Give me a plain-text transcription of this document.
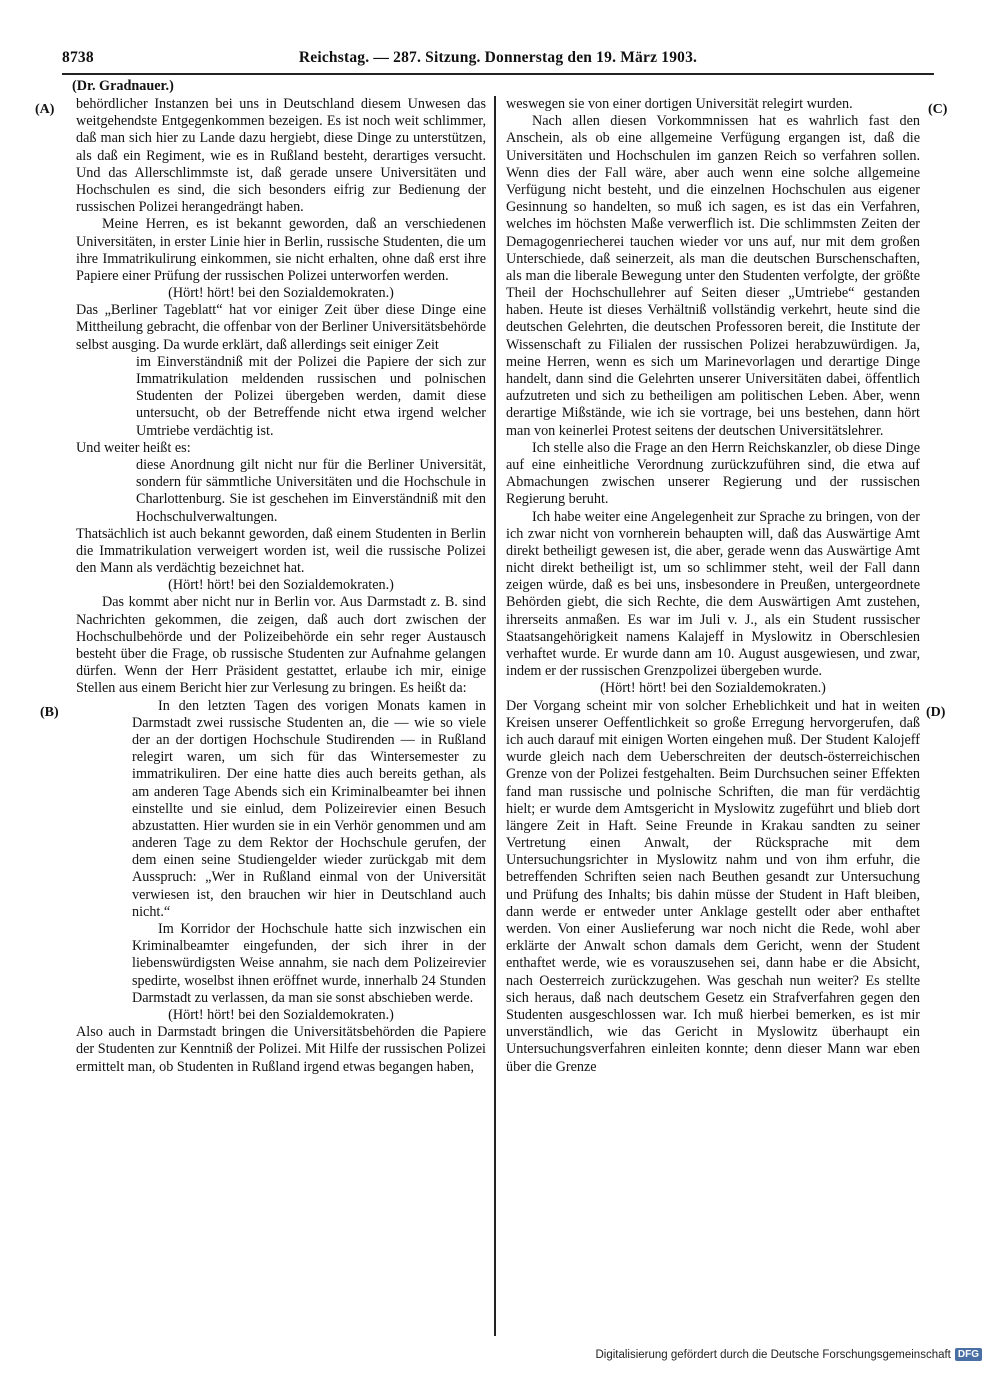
8738	Reichstag. — 287. Sitzung. Donnerstag den 19. März 1903.
(A)
(B)
(C)
(D)
(Dr. Gradnauer.)
behördlicher Instanzen bei uns in Deutschland diesem Unwesen das weitgehendste Entgegenkommen bezeigen. Es ist noch weit schlimmer, daß man sich hier zu Lande dazu hergiebt, diese Dinge zu unterstützen, als daß ein Regiment, wie es in Rußland besteht, derartiges versucht. Und das Allerschlimmste ist, daß gerade unsere Universitäten und Hochschulen es sind, die sich besonders eifrig zur Bedienung der russischen Polizei herangedrängt haben.
Meine Herren, es ist bekannt geworden, daß an verschiedenen Universitäten, in erster Linie hier in Berlin, russische Studenten, die um ihre Immatrikulirung einkommen, sie nicht erhalten, ohne daß erst ihre Papiere einer Prüfung der russischen Polizei unterworfen werden.
(Hört! hört! bei den Sozialdemokraten.)
Das „Berliner Tageblatt“ hat vor einiger Zeit über diese Dinge eine Mittheilung gebracht, die offenbar von der Berliner Universitätsbehörde selbst ausging. Da wurde erklärt, daß allerdings seit einiger Zeit
im Einverständniß mit der Polizei die Papiere der sich zur Immatrikulation meldenden russischen und polnischen Studenten der Polizei übergeben werden, damit diese untersucht, ob der Betreffende nicht etwa irgend welcher Umtriebe verdächtig ist.
Und weiter heißt es:
diese Anordnung gilt nicht nur für die Berliner Universität, sondern für sämmtliche Universitäten und die Hochschule in Charlottenburg. Sie ist geschehen im Einverständniß mit den Hochschulverwaltungen.
Thatsächlich ist auch bekannt geworden, daß einem Studenten in Berlin die Immatrikulation verweigert worden ist, weil die russische Polizei den Mann als verdächtig bezeichnet hat.
(Hört! hört! bei den Sozialdemokraten.)
Das kommt aber nicht nur in Berlin vor. Aus Darmstadt z. B. sind Nachrichten gekommen, die zeigen, daß auch dort zwischen der Hochschulbehörde und der Polizeibehörde ein sehr reger Austausch besteht über die Frage, ob russische Studenten zur Aufnahme gelangen dürfen. Wenn der Herr Präsident gestattet, erlaube ich mir, einige Stellen aus einem Bericht hier zur Verlesung zu bringen. Es heißt da:
In den letzten Tagen des vorigen Monats kamen in Darmstadt zwei russische Studenten an, die — wie so viele der an der dortigen Hochschule Studirenden — in Rußland relegirt waren, um sich für das Wintersemester zu immatrikuliren. Der eine hatte dies auch bereits gethan, als am anderen Tage Abends sich ein Kriminalbeamter bei ihnen einstellte und sie einlud, dem Polizeirevier einen Besuch abzustatten. Hier wurden sie in ein Verhör genommen und am anderen Tage zu dem Rektor der Hochschule gerufen, der dem einen seine Studiengelder wieder zurückgab mit dem Ausspruch: „Wer in Rußland einmal von der Universität verwiesen ist, den brauchen wir hier in Deutschland auch nicht.“
Im Korridor der Hochschule hatte sich inzwischen ein Kriminalbeamter eingefunden, der sich ihrer in der liebenswürdigsten Weise annahm, sie nach dem Polizeirevier spedirte, woselbst ihnen eröffnet wurde, innerhalb 24 Stunden Darmstadt zu verlassen, da man sie sonst abschieben werde.
(Hört! hört! bei den Sozialdemokraten.)
Also auch in Darmstadt bringen die Universitätsbehörden die Papiere der Studenten zur Kenntniß der Polizei. Mit Hilfe der russischen Polizei ermittelt man, ob Studenten in Rußland irgend etwas begangen haben,
weswegen sie von einer dortigen Universität relegirt wurden.
Nach allen diesen Vorkommnissen hat es wahrlich fast den Anschein, als ob eine allgemeine Verfügung ergangen ist, daß die Universitäten und Hochschulen im ganzen Reich so verfahren sollen. Wenn dies der Fall wäre, aber auch wenn eine solche allgemeine Verfügung nicht besteht, und die einzelnen Hochschulen aus eigener Gesinnung so handelten, so muß ich sagen, es ist das ein Verfahren, welches im höchsten Maße verwerflich ist. Die schlimmsten Zeiten der Demagogenriecherei tauchen wieder vor uns auf, nur mit dem großen Unterschiede, daß seinerzeit, als man die deutschen Burschenschaften, als man die liberale Bewegung unter den Studenten verfolgte, der größte Theil der Hochschullehrer auf Seiten dieser „Umtriebe“ gestanden haben. Heute ist dieses Verhältniß vollständig verkehrt, heute sind die deutschen Gelehrten, die deutschen Professoren bereit, die Institute der Wissenschaft zu Filialen der russischen Polizei herabzuwürdigen. Ja, meine Herren, wenn es sich um Marinevorlagen und derartige Dinge handelt, dann sind die Gelehrten unserer Universitäten dabei, öffentlich aufzutreten und sich zu betheiligen am politischen Leben. Aber, wenn derartige Mißstände, wie ich sie vortrage, bei uns bestehen, dann hört man von keinerlei Protest seitens der deutschen Universitätslehrer.
Ich stelle also die Frage an den Herrn Reichskanzler, ob diese Dinge auf eine einheitliche Verordnung zurückzuführen sind, die etwa auf Abmachungen zwischen unserer Regierung und der russischen Regierung beruht.
Ich habe weiter eine Angelegenheit zur Sprache zu bringen, von der ich zwar nicht von vornherein behaupten will, daß das Auswärtige Amt direkt betheiligt gewesen ist, die aber, gerade wenn das Auswärtige Amt nicht direkt betheiligt ist, um so schlimmer steht, weil der Fall dann zeigen würde, daß es bei uns, insbesondere in Preußen, untergeordnete Behörden giebt, die sich Rechte, die dem Auswärtigen Amt zustehen, ihrerseits anmaßen. Es war im Juli v. J., als ein Student russischer Staatsangehörigkeit namens Kalajeff in Myslowitz in Oberschlesien verhaftet wurde. Er wurde dann am 10. August ausgewiesen, und zwar, indem er der russischen Grenzpolizei übergeben wurde.
(Hört! hört! bei den Sozialdemokraten.)
Der Vorgang scheint mir von solcher Erheblichkeit und hat in weiten Kreisen unserer Oeffentlichkeit so große Erregung hervorgerufen, daß ich auch darauf mit einigen Worten eingehen muß. Der Student Kalojeff wurde gleich nach dem Ueberschreiten der deutsch-österreichischen Grenze von der Polizei festgehalten. Beim Durchsuchen seiner Effekten fand man russische und polnische Schriften, die man für verdächtig hielt; er wurde dem Amtsgericht in Myslowitz zugeführt und blieb dort längere Zeit in Haft. Seine Freunde in Krakau sandten zu seiner Vertretung einen Anwalt, der Rücksprache mit dem Untersuchungsrichter in Myslowitz nahm und von ihm erfuhr, die betreffenden Schriften seien nach Beuthen gesandt zur Untersuchung und Prüfung des Inhalts; bis dahin müsse der Student in Haft bleiben, dann werde er entweder unter Anklage gestellt oder aber enthaftet werden. Von einer Auslieferung war noch nicht die Rede, wohl aber erklärte der Anwalt schon damals dem Gericht, wenn der Student enthaftet werde, wie es vorauszusehen sei, dann habe er die Absicht, nach Oesterreich zurückzugehen. Was geschah nun weiter? Es stellte sich heraus, daß nach deutschem Gesetz ein Strafverfahren gegen den Studenten ausgeschlossen war. Ich muß hierbei bemerken, es ist mir unverständlich, wie das Gericht in Myslowitz überhaupt ein Untersuchungsverfahren einleiten konnte; denn dieser Mann war eben über die Grenze
Digitalisierung gefördert durch die Deutsche Forschungsgemeinschaft DFG
